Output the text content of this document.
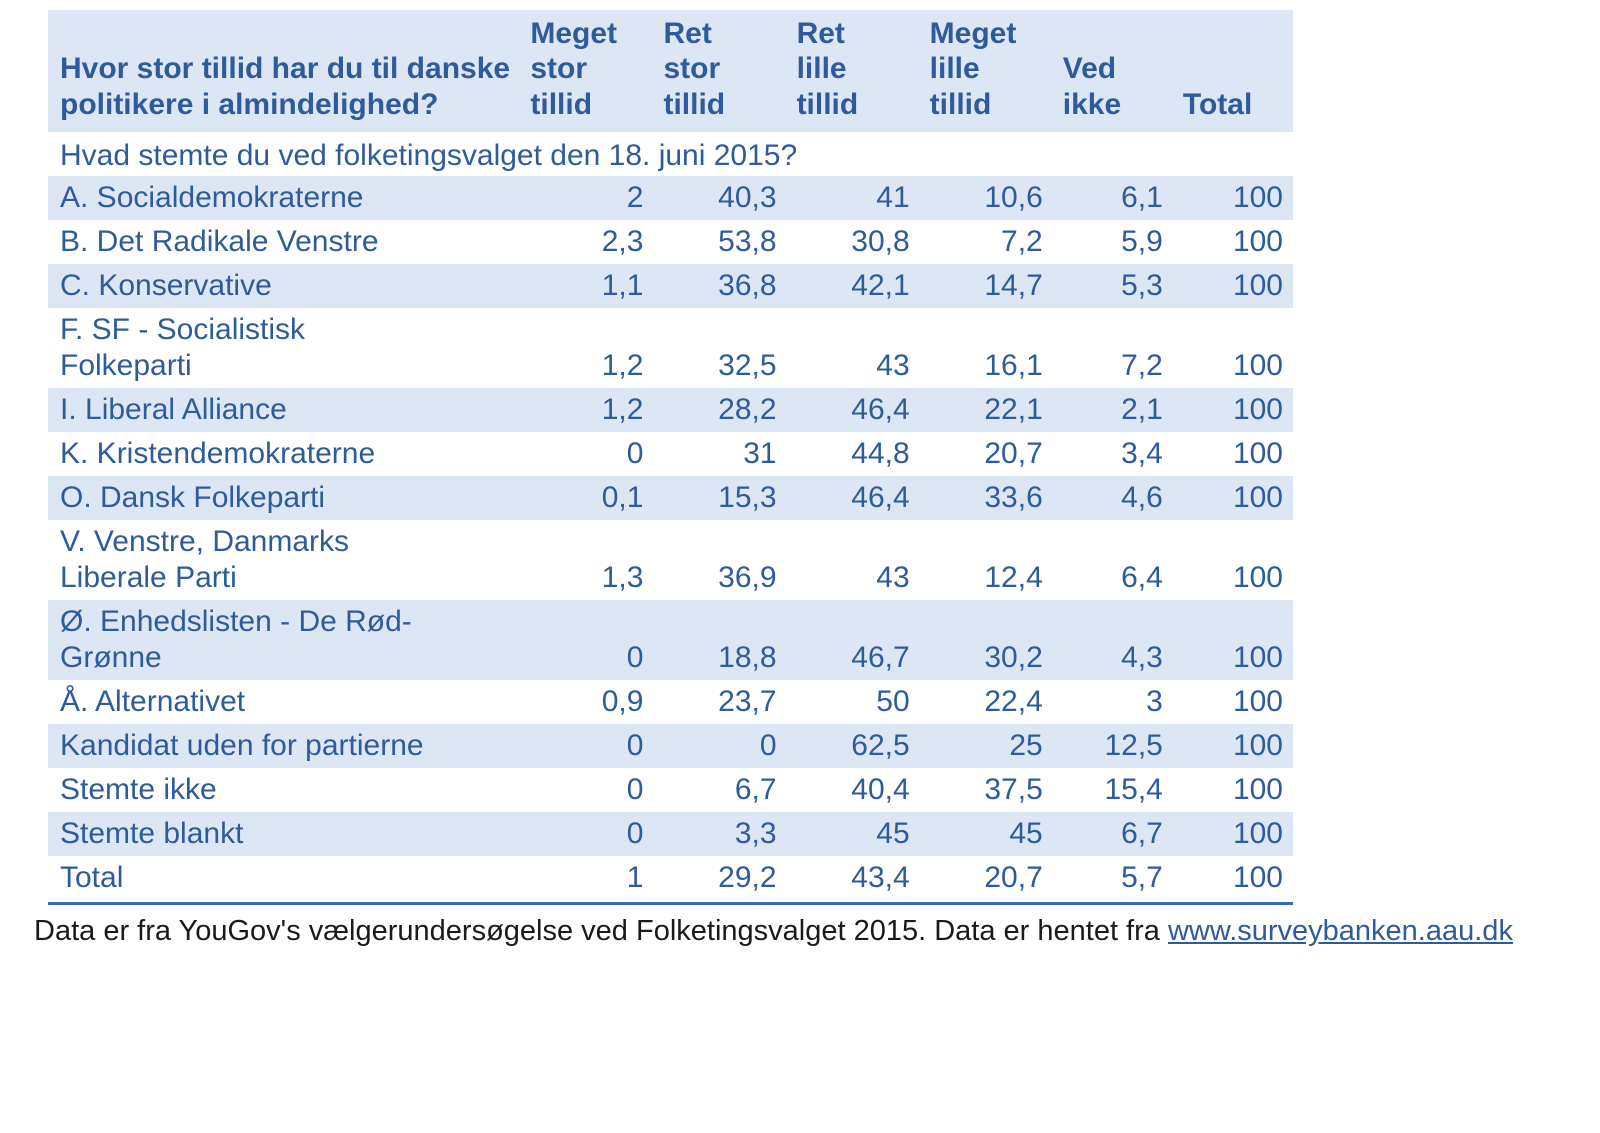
Hvor stor tillid har du til danske politikere i almindelighed?	Meget
stor
tillid	Ret
stor
tillid	Ret
lille
tillid	Meget
lille
tillid	Ved
ikke	Total

Hvad stemte du ved folketingsvalget den 18. juni 2015?						

A. Socialdemokraterne	2	40,3	41	10,6	6,1	100

B. Det Radikale Venstre	2,3	53,8	30,8	7,2	5,9	100

C. Konservative	1,1	36,8	42,1	14,7	5,3	100

F. SF - Socialistisk
Folkeparti	1,2	32,5	43	16,1	7,2	100

I. Liberal Alliance	1,2	28,2	46,4	22,1	2,1	100

K. Kristendemokraterne	0	31	44,8	20,7	3,4	100

O. Dansk Folkeparti	0,1	15,3	46,4	33,6	4,6	100

V. Venstre, Danmarks
Liberale Parti	1,3	36,9	43	12,4	6,4	100

Ø. Enhedslisten - De Rød-
Grønne	0	18,8	46,7	30,2	4,3	100

Å. Alternativet	0,9	23,7	50	22,4	3	100

Kandidat uden for partierne	0	0	62,5	25	12,5	100

Stemte ikke	0	6,7	40,4	37,5	15,4	100

Stemte blankt	0	3,3	45	45	6,7	100

Total	1	29,2	43,4	20,7	5,7	100
Data er fra YouGov's vælgerundersøgelse ved Folketingsvalget 2015. Data er hentet fra www.surveybanken.aau.dk
